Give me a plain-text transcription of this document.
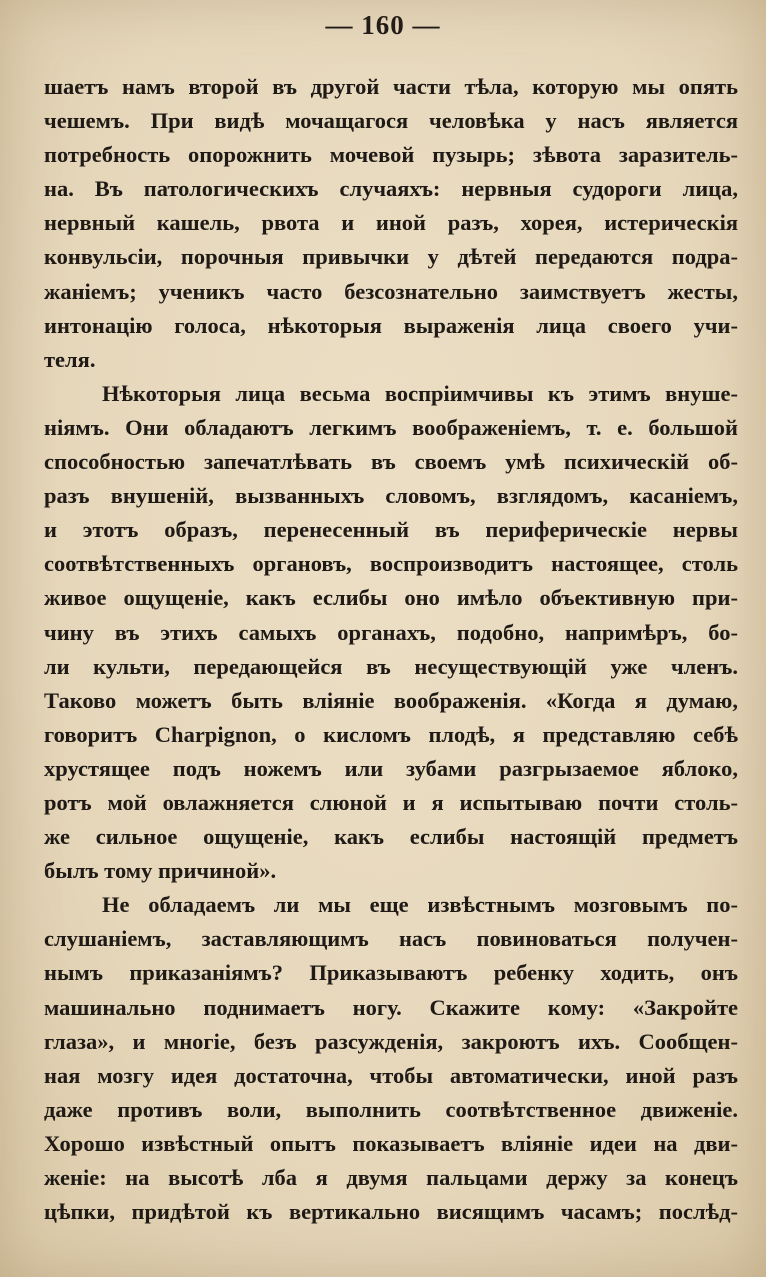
— 160 —
шаетъ намъ второй въ другой части тѣла, которую мы опять
чешемъ. При видѣ мочащагося человѣка у насъ является
потребность опорожнить мочевой пузырь; зѣвота заразитель-
на. Въ патологическихъ случаяхъ: нервныя судороги лица,
нервный кашель, рвота и иной разъ, хорея, истерическія
конвульсіи, порочныя привычки у дѣтей передаются подра-
жаніемъ; ученикъ часто безсознательно заимствуетъ жесты,
интонацію голоса, нѣкоторыя выраженія лица своего учи-
теля.
Нѣкоторыя лица весьма воспріимчивы къ этимъ внуше-
ніямъ. Они обладаютъ легкимъ воображеніемъ, т. е. большой
способностью запечатлѣвать въ своемъ умѣ психическій об-
разъ внушеній, вызванныхъ словомъ, взглядомъ, касаніемъ,
и этотъ образъ, перенесенный въ периферическіе нервы
соотвѣтственныхъ органовъ, воспроизводитъ настоящее, столь
живое ощущеніе, какъ еслибы оно имѣло объективную при-
чину въ этихъ самыхъ органахъ, подобно, напримѣръ, бо-
ли культи, передающейся въ несуществующій уже членъ.
Таково можетъ быть вліяніе воображенія. «Когда я думаю,
говоритъ Charpignon, о кисломъ плодѣ, я представляю себѣ
хрустящее подъ ножемъ или зубами разгрызаемое яблоко,
ротъ мой овлажняется слюной и я испытываю почти столь-
же сильное ощущеніе, какъ еслибы настоящій предметъ
былъ тому причиной».
Не обладаемъ ли мы еще извѣстнымъ мозговымъ по-
слушаніемъ, заставляющимъ насъ повиноваться получен-
нымъ приказаніямъ? Приказываютъ ребенку ходить, онъ
машинально поднимаетъ ногу. Скажите кому: «Закройте
глаза», и многіе, безъ разсужденія, закроютъ ихъ. Сообщен-
ная мозгу идея достаточна, чтобы автоматически, иной разъ
даже противъ воли, выполнить соотвѣтственное движеніе.
Хорошо извѣстный опытъ показываетъ вліяніе идеи на дви-
женіе: на высотѣ лба я двумя пальцами держу за конецъ
цѣпки, придѣтой къ вертикально висящимъ часамъ; послѣд-
